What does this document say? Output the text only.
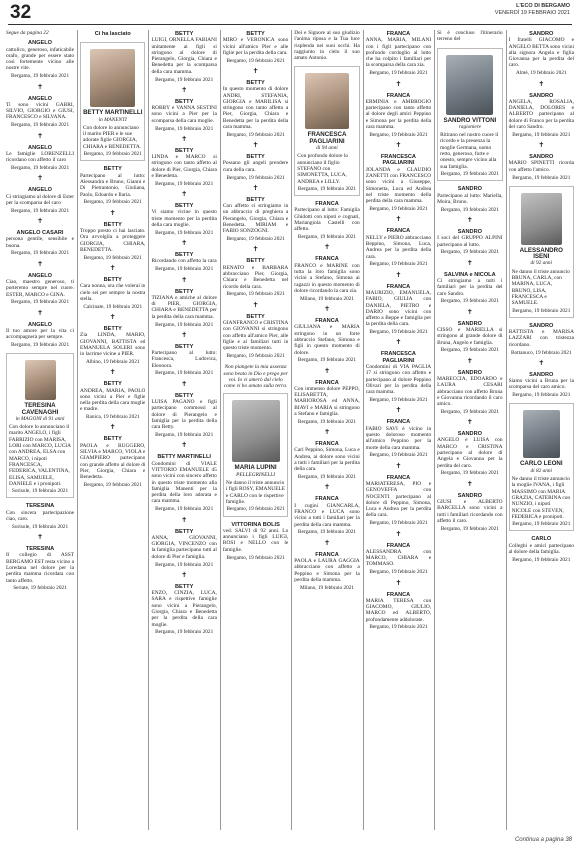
32	L'ECO DI BERGAMO
VENERDÌ 19 FEBBRAIO 2021
Segue da pagina 22
ANGELO

cattolico, generoso, infaticabile orafo, grande per essere stato così fortemente vicino alle nostre vite.

Bergamo, 19 febbraio 2021
✝
ANGELO

Ti sono vicini GABRI, SILVIO, GIORGIO e GIUSI, FRANCESCO e SILVANA.

Bergamo, 19 febbraio 2021
✝
ANGELO

Le famiglie LORENZELLI ricordano con affetto il caro

Bergamo, 19 febbraio 2021
✝
ANGELO

Ci stringiamo al dolore di Ester per la scomparsa del caro

Bergamo, 19 febbraio 2021
✝
ANGELO CASARI

persona gentile, sensibile e buona.

Bergamo, 19 febbraio 2021
✝
ANGELO

Ciao, maestro generoso, ti porteremo sempre nel cuore. ESTER, MARCO e GINA.

Bergamo, 19 febbraio 2021
✝
ANGELO

Il tuo amore per la vita ci accompagnerà per sempre.

Bergamo, 19 febbraio 2021
TERESINA CAVENAGHI
in MAGONI di 91 anni

Con dolore lo annunciano il marito ANGELO, i figli FABRIZIO con MARISA, LORI con MARCO, LUCIA con ANDREA, ELSA con MARCO, i nipoti FRANCESCA, FEDERICA, VALENTINA, ELISA, SAMUELE, DANIELE e i pronipoti.

Sorisole, 19 febbraio 2021
TERESINA

Con sincera partecipazione ciao, caro.

Sorisole, 19 febbraio 2021
✝
TERESINA

Il collegio di ASST BERGAMO EST resta vicino a Loredana nel dolore per la perdita mamma ricordata con tanto affetto.

Seriate, 19 febbraio 2021
Ci ha lasciato
BETTY MARTINELLI
in MANENTI

Con dolore lo annunciano il marito PIER e le sue adorate figlie GIORGIA, CHIARA e BENEDETTA.

Bergamo, 19 febbraio 2021
BETTY

Partecipano al lutto: Alessandra e Bruno, Gianni e Di Pietrantonio, Giuliana, Paolo, Edoardo e Ilaria.

Bergamo, 19 febbraio 2021
✝
BETTY

Troppo presto ci hai lasciato. Ora avvolgila a proteggere GIORGIA, CHIARA, BENEDETTA.

Bergamo, 19 febbraio 2021
✝
BETTY

Cara nonna, ora che volerai in cielo sei per sempre la nostra stella.

Calcinate, 19 febbraio 2021
✝
BETTY

Zia LINDA, MARIO, GIOVANNI, BATTISTA ed EMANUELA SOLERI sono in lacrime vicine a PIER.

Albino, 19 febbraio 2021
✝
BETTY

ANDREA, MARIA, PAOLO sono vicini a Pier e figlie nella perdita della cara moglie e madre.

Ranica, 19 febbraio 2021
✝
BETTY

PAOLA e RUGGERO, SILVIA e MARCO, VIOLA e GIAMPIERO partecipano con grande affetto al dolore di Pier, Giorgia, Chiara e Benedetta.

Bergamo, 19 febbraio 2021
BETTY

LUIGI, ORNELLA FABIANI unitamente ai figli si stringono al dolore di Pierangelo, Giorgia, Chiara e Benedetta per la scomparsa della cara mamma.

Bergamo, 19 febbraio 2021
✝
BETTY

ROBBY e VANNA SESTINI sono vicini a Pier per la scomparsa della cara moglie.

Bergamo, 19 febbraio 2021
✝
BETTY

LINDA e MARCO si stringono con tanto affetto al dolore di Pier, Giorgia, Chiara e Benedetta.

Bergamo, 19 febbraio 2021
✝
BETTY

Vi siamo vicine in questo triste momento per la perdita della cara moglie.

Bergamo, 19 febbraio 2021
✝
BETTY

Ricordando con affetto la cara

Bergamo, 19 febbraio 2021
✝
BETTY

TIZIANA e amiche al dolore di PIER, GIORGIA, CHIARA e BENEDETTA per la perdita della cara mamma.

Bergamo, 19 febbraio 2021
✝
BETTY

Partecipano al lutto: Francesca, Ludovica, Eleonora.

Bergamo, 19 febbraio 2021
✝
BETTY

LUISA PAGANO e figli partecipano commossi al dolore di Pierangelo e famiglia per la perdita della cara Betty.

Bergamo, 19 febbraio 2021
✝
BETTY MARTINELLI

Condomini di VIALE VITTORIO EMANUELE 45 sono vicini con sincero affetto in questo triste momento alla famiglia Manenti per la perdita della loro adorata e cara mamma.

Bergamo, 19 febbraio 2021
✝
BETTY

ANNA, GIOVANNI, GIORGIA, VINCENZO con la famiglia partecipano tutti al dolore di Pier e famiglia.

Bergamo, 19 febbraio 2021
✝
BETTY

ENZO, CINZIA, LUCA, SARA e rispettive famiglie sono vicini a Pierangelo, Giorgia, Chiara e Benedetta per la perdita della cara moglie.

Bergamo, 19 febbraio 2021
BETTY

MIRO e VERONICA sono vicini all'amico Pier e alle figlie per la perdita della cara.

Bergamo, 19 febbraio 2021
✝
BETTY

In questo momento di dolore ANDRI, STEFANIA, GIORGIA e MARILISA si stringono con tanto affetto a Pier, Giorgia, Chiara e Benedetta per la perdita della cara mamma.

Bergamo, 19 febbraio 2021
✝
BETTY

Possano gli angeli prendere cura della cara.

Bergamo, 19 febbraio 2021
✝
BETTY

Con affetto ci stringiamo in un abbraccio di preghiera a Pierangelo, Giorgia, Chiara e Benedetta. MIRIAM e FABIO SONZOGNI.

Bergamo, 19 febbraio 2021
✝
BETTY

RENATO e BARBARA abbracciano Pier, Giorgia, Chiara e Benedetta nel ricordo della cara.

Bergamo, 19 febbraio 2021
✝
BETTY

GIANFRANCO e CRISTINA con GIOVANNI si stringono con affetto all'amico Pier, alle figlie e ai familiari tutti in questo triste momento.

Bergamo, 19 febbraio 2021
Non piangete la mia assenza sono beata in Dio e prego per voi. Io vi amerò dal cielo come vi ho amato sulla terra.
MARIA LUPINI
PELLEGRINELLI

Ne danno il triste annuncio i figli ROSY, EMANUELE e CARLO con le rispettive famiglie.

Bergamo, 19 febbraio 2021
VITTORINA BOLIS

ved. SALVI di 92 anni. Lo annunciano i figli LUIGI, ROSI e NELLO con le famiglie.

Bergamo, 19 febbraio 2021

Dei e Signore al suo giudizio l'anima riposa e la Tua luce risplenda nei suoi occhi. Ha raggiunto in cielo il suo amato Antonio.

FRANCESCA PAGLIARINI
di 94 anni

Con profondo dolore lo annunciano il figlio STEFANO con SIMONETTA, LUCA, ANDREA e LILLY.

Bergamo, 19 febbraio 2021
FRANCA

Partecipano al lutto: Famiglia Ghidotti con nipoti e cognati, Mariangiola Castelli con affetto.

Bergamo, 19 febbraio 2021
✝
FRANCA

FRANCO e MARINE con tutta la loro famiglia sono vicini a Stefano, Simona ai ragazzi in questo momento di dolore ricordando la cara zia.

Milano, 19 febbraio 2021
✝
FRANCA

GIULIANA e MARIA stringono in un forte abbraccio Stefano, Simona e figli in questo momento di dolore.

Bergamo, 19 febbraio 2021
✝
FRANCA

Con immenso dolore PEPPO, ELISABETTA, MARIOROSA ed ANNA, BIAVI e MARIA si stringono a Stefano e famiglia.

Bergamo, 19 febbraio 2021
✝
FRANCA

Carl Peppino, Simona, Luca e Andrea, ai dolore sono vicini a tutti i familiari per la perdita della cara.

Bergamo, 19 febbraio 2021
✝
FRANCA

I cugini GIANCARLA, FRANCO e LUCA sono vicini a tutti i familiari per la perdita della cara mamma.

Bergamo, 19 febbraio 2021
✝
FRANCA

PAOLA e LAURA GAGGIA abbracciano con affetto a Peppino e Simona per la perdita della mamma.

Milano, 19 febbraio 2021
FRANCA

ANNA, MARIA, MILANI con i figli partecipano con profondo cordoglio al lutto che ha colpito i familiari per la scomparsa della cara zia.

Bergamo, 19 febbraio 2021
✝
FRANCA

ERMINIA e AMBROGIO partecipano con tanto affetto al dolore degli amici Peppino e Simona per la perdita della cara mamma.

Bergamo, 19 febbraio 2021
✝
FRANCESCA PAGLIARINI

JOLANDA e CLAUDIO ZANETTI con FRANCESCO sono vicini a Giuseppe, Simonetta, Luca ed Andrea nel triste momento della perdita della cara mamma.

Bergamo, 19 febbraio 2021
✝
FRANCA

NELLY e PIERO abbracciano Beppino, Simona, Luca, Andrea per la perdita della cara.

Bergamo, 19 febbraio 2021
✝
FRANCA

MAURIZIO, EMANUELA, FABIO, GIULIA con DANIELA, PIETRO e DARIO sono vicini con affetto a Beppe e famiglia per la perdita della cara.

Bergamo, 19 febbraio 2021
✝
FRANCESCA PAGLIARINI

Condomini di VIA PAGLIA 17 si stringono con affetto e partecipano al dolore Peppino Olivari per la perdita della cara mamma.

Bergamo, 19 febbraio 2021
✝
FRANCA

FABIO SAVI è vicino in questo doloroso momento all'amico Peppino per la morte della cara mamma.

Bergamo, 19 febbraio 2021
✝
FRANCA

MARIATERESA, PIO e GENOVEFFA con NOCENTI partecipano al dolore di Peppino, Simona, Luca e Andrea per la perdita della cara.

Bergamo, 19 febbraio 2021
✝
FRANCA

ALESSANDRA con MARCO, CHIARA e TOMMASO.

Bergamo, 19 febbraio 2021
✝
FRANCA

MARIA TERESA con GIACOMO, GIULIO, MARCO ed ALBERTO, profondamente addolorate.

Bergamo, 19 febbraio 2021

Si è concluso l'itinerario terreno del

SANDRO VITTONI
ragioniere

Ritirano nel nostro cuore il ricordo e la presenza la moglie Germana, uomo retto, generoso, forte e onesto, sempre vicino alla sua famiglia.

Bergamo, 19 febbraio 2021
SANDRO

Partecipano al lutto: Mariella, Moira, Bruno.

Bergamo, 19 febbraio 2021
✝
SANDRO

I soci del GRUPPO ALPINI partecipano al lutto.

Bergamo, 19 febbraio 2021
✝
SALVINA e NICOLA

Ci stringiamo a tutti i familiari per la perdita del caro Sandro.

Bergamo, 19 febbraio 2021
✝
SANDRO

CISSO e MARIELLA si stringono al grande dolore di Bruna, Angelo e famiglia.

Bergamo, 19 febbraio 2021
✝
SANDRO

MARECCIA, EDOARDO e LAURA CESARI abbracciano con affetto Bruna e Giovanna ricordando il caro amico.

Bergamo, 19 febbraio 2021
✝
SANDRO

ANGELO e LUISA con MARCO e CRISTINA partecipano al dolore di Angela e Giovanna per la perdita del caro.

Bergamo, 19 febbraio 2021
✝
SANDRO

GIUSI e ALBERTO BARCELLA sono vicini a tutti i familiari ricordando con affetto il caro.

Bergamo, 19 febbraio 2021
SANDRO

I fratelli GIACOMO e ANGELO BETTA sono vicini alla signora Angela e figlia Giovanna per la perdita del caro.

Almè, 19 febbraio 2021
✝
SANDRO

ANGELA, ROSALIA, DANIELA, DOLORES e ALBERTO partecipano al dolore di Franco per la perdita del caro Sandro.

Bergamo, 19 febbraio 2021
✝
SANDRO

MARIO SPINETTI ricorda con affetto l'amico.

Bergamo, 19 febbraio 2021
ALESSANDRO ISENI
di 92 anni

Ne danno il triste annuncio BRUNA, CARLA, con MARINA, LUCA, BRUNO, LISA, FRANCESCA e SAMUELE.

Bergamo, 19 febbraio 2021
SANDRO

BATTISTA e MARISA LAZZARI con tristezza ricordano.

Bottanuco, 19 febbraio 2021
✝
SANDRO

Siamo vicini a Bruna per la scomparsa del caro amico.

Bergamo, 19 febbraio 2021
CARLO LEONI
di 82 anni

Ne danno il triste annuncio la moglie IVANA, i figli MASSIMO con MARIA GRAZIA, CATERINA con NUNZIO, i nipoti NICOLE con STEVEN, FEDERICA e pronipoti.

Bergamo, 19 febbraio 2021
CARLO

Colleghi e amici partecipano al dolore della famiglia.

Bergamo, 19 febbraio 2021
Continua a pagina 38
